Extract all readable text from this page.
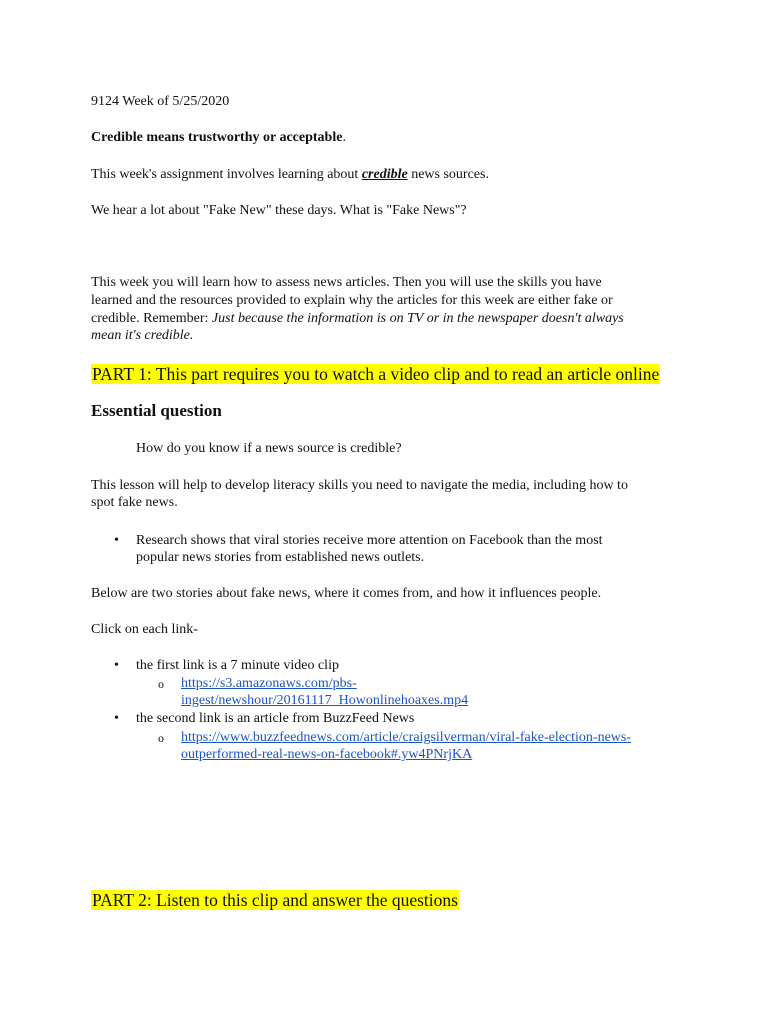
9124 Week of 5/25/2020
Credible means trustworthy or acceptable.
This week's assignment involves learning about credible news sources.
We hear a lot about "Fake New" these days. What is "Fake News"?
This week you will learn how to assess news articles. Then you will use the skills you have
learned and the resources provided to explain why the articles for this week are either fake or
credible. Remember: Just because the information is on TV or in the newspaper doesn't always
mean it's credible.
PART 1: This part requires you to watch a video clip and to read an article online
Essential question
How do you know if a news source is credible?
This lesson will help to develop literacy skills you need to navigate the media, including how to
spot fake news.
• Research shows that viral stories receive more attention on Facebook than the most
popular news stories from established news outlets.
Below are two stories about fake news, where it comes from, and how it influences people.
Click on each link-
• the first link is a 7 minute video clip
o https://s3.amazonaws.com/pbs-
ingest/newshour/20161117_Howonlinehoaxes.mp4
• the second link is an article from BuzzFeed News
o https://www.buzzfeednews.com/article/craigsilverman/viral-fake-election-news-
outperformed-real-news-on-facebook#.yw4PNrjKA
PART 2: Listen to this clip and answer the questions
